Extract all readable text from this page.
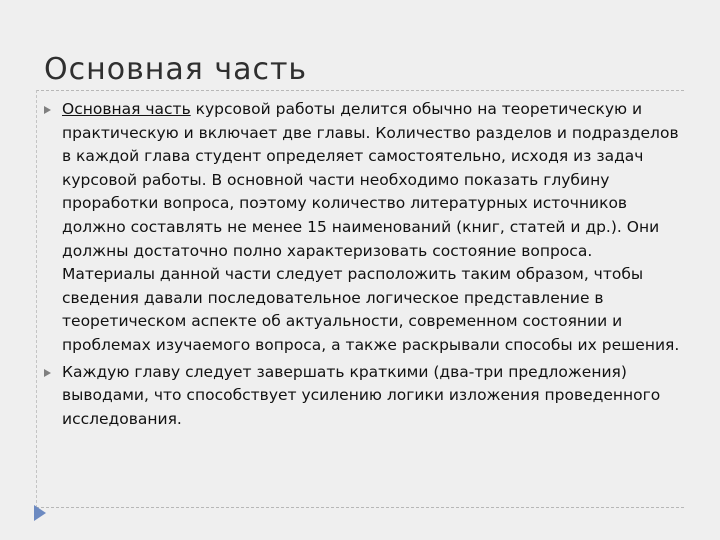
Основная часть
Основная часть курсовой работы делится обычно на теоретическую и практическую и включает две главы. Количество разделов и подразделов в каждой глава студент определяет самостоятельно, исходя из задач курсовой работы. В основной части необходимо показать глубину проработки вопроса, поэтому количество литературных источников должно составлять не менее 15 наименований (книг, статей и др.). Они должны достаточно полно характеризовать состояние вопроса. Материалы данной части следует расположить таким образом, чтобы сведения давали последовательное логическое представление в теоретическом аспекте об актуальности, современном состоянии и проблемах изучаемого вопроса, а также раскрывали способы их решения.
Каждую главу следует завершать краткими (два-три предложения) выводами, что способствует усилению логики изложения проведенного исследования.
